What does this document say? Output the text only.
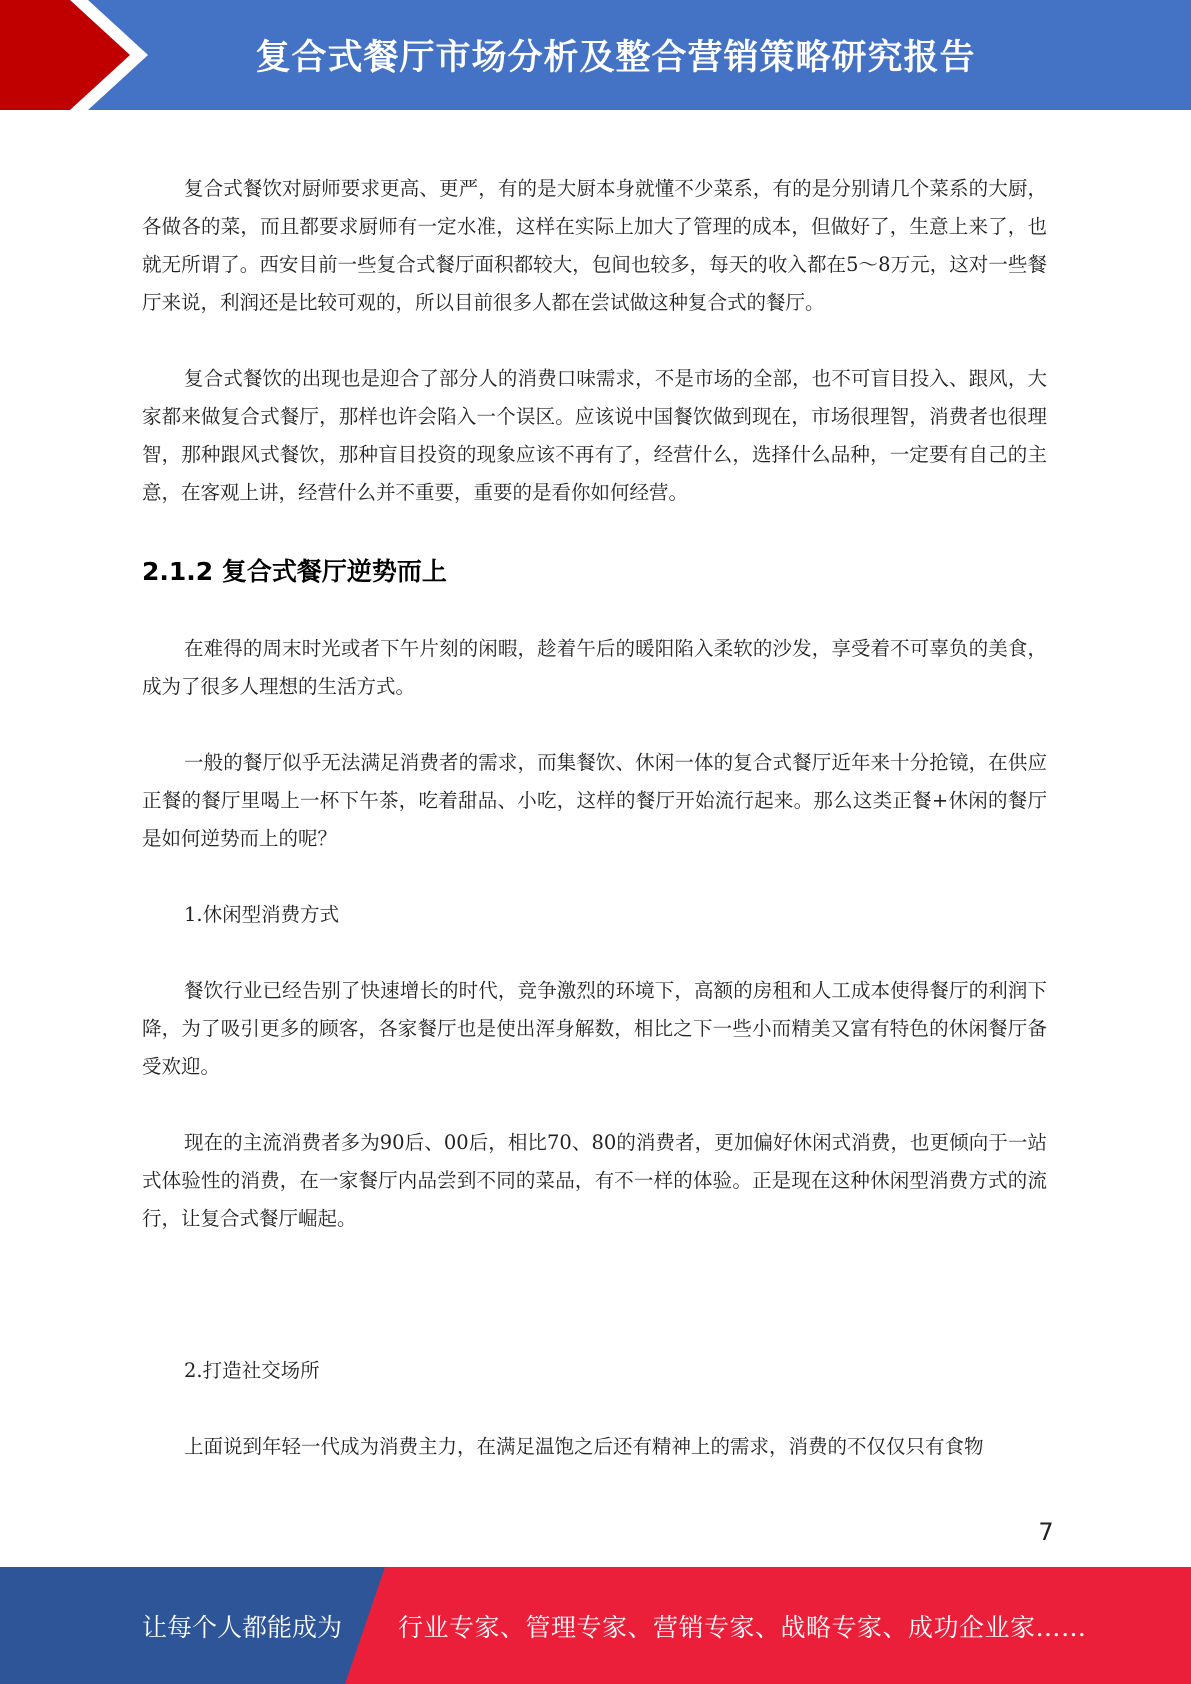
复合式餐厅市场分析及整合营销策略研究报告

复合式餐饮对厨师要求更高、更严，有的是大厨本身就懂不少菜系，有的是分别请几个菜系的大厨，各做各的菜，而且都要求厨师有一定水准，这样在实际上加大了管理的成本，但做好了，生意上来了，也就无所谓了。西安目前一些复合式餐厅面积都较大，包间也较多，每天的收入都在5～8万元，这对一些餐厅来说，利润还是比较可观的，所以目前很多人都在尝试做这种复合式的餐厅。

复合式餐饮的出现也是迎合了部分人的消费口味需求，不是市场的全部，也不可盲目投入、跟风，大家都来做复合式餐厅，那样也许会陷入一个误区。应该说中国餐饮做到现在，市场很理智，消费者也很理智，那种跟风式餐饮，那种盲目投资的现象应该不再有了，经营什么，选择什么品种，一定要有自己的主意，在客观上讲，经营什么并不重要，重要的是看你如何经营。

2.1.2 复合式餐厅逆势而上

在难得的周末时光或者下午片刻的闲暇，趁着午后的暖阳陷入柔软的沙发，享受着不可辜负的美食，成为了很多人理想的生活方式。

一般的餐厅似乎无法满足消费者的需求，而集餐饮、休闲一体的复合式餐厅近年来十分抢镜，在供应正餐的餐厅里喝上一杯下午茶，吃着甜品、小吃，这样的餐厅开始流行起来。那么这类正餐+休闲的餐厅是如何逆势而上的呢？

1.休闲型消费方式

餐饮行业已经告别了快速增长的时代，竞争激烈的环境下，高额的房租和人工成本使得餐厅的利润下降，为了吸引更多的顾客，各家餐厅也是使出浑身解数，相比之下一些小而精美又富有特色的休闲餐厅备受欢迎。

现在的主流消费者多为90后、00后，相比70、80的消费者，更加偏好休闲式消费，也更倾向于一站式体验性的消费，在一家餐厅内品尝到不同的菜品，有不一样的体验。正是现在这种休闲型消费方式的流行，让复合式餐厅崛起。

2.打造社交场所

上面说到年轻一代成为消费主力，在满足温饱之后还有精神上的需求，消费的不仅仅只有食物

7
让每个人都能成为 行业专家、管理专家、营销专家、战略专家、成功企业家……
